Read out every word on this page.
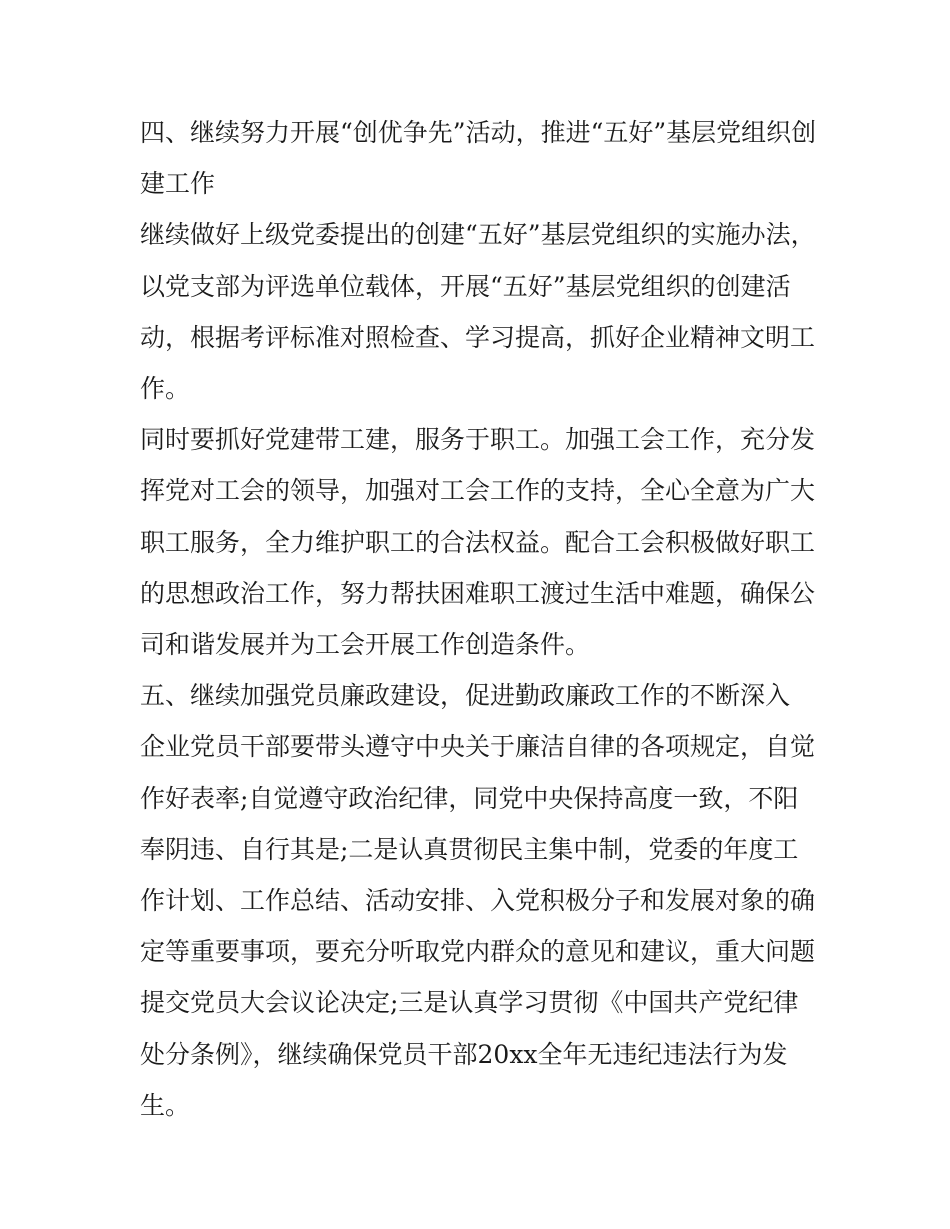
四、继续努力开展“创优争先”活动，推进“五好”基层党组织创建工作

继续做好上级党委提出的创建“五好”基层党组织的实施办法，以党支部为评选单位载体，开展“五好”基层党组织的创建活动，根据考评标准对照检查、学习提高，抓好企业精神文明工作。

同时要抓好党建带工建，服务于职工。加强工会工作，充分发挥党对工会的领导，加强对工会工作的支持，全心全意为广大职工服务，全力维护职工的合法权益。配合工会积极做好职工的思想政治工作，努力帮扶困难职工渡过生活中难题，确保公司和谐发展并为工会开展工作创造条件。

五、继续加强党员廉政建设，促进勤政廉政工作的不断深入

企业党员干部要带头遵守中央关于廉洁自律的各项规定，自觉作好表率;自觉遵守政治纪律，同党中央保持高度一致，不阳奉阴违、自行其是;二是认真贯彻民主集中制，党委的年度工作计划、工作总结、活动安排、入党积极分子和发展对象的确定等重要事项，要充分听取党内群众的意见和建议，重大问题提交党员大会议论决定;三是认真学习贯彻《中国共产党纪律处分条例》，继续确保党员干部20xx全年无违纪违法行为发生。
